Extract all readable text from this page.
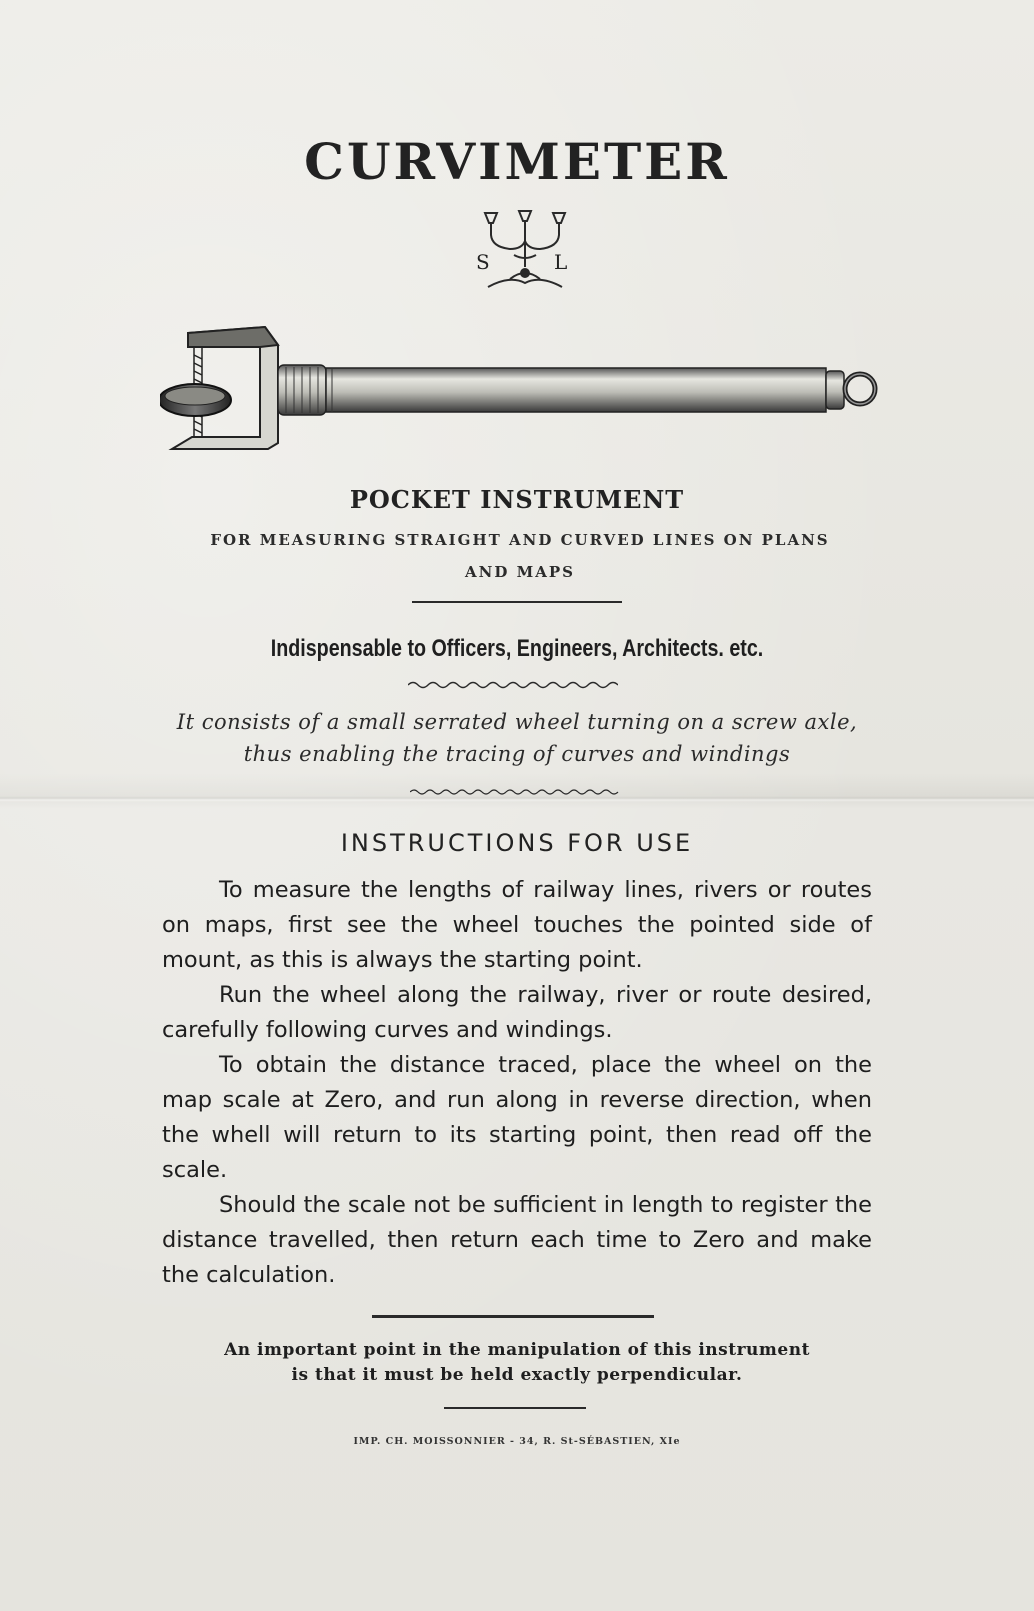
CURVIMETER
S	L
POCKET INSTRUMENT
FOR MEASURING STRAIGHT AND CURVED LINES ON PLANS
AND MAPS
Indispensable to Officers, Engineers, Architects. etc.
It consists of a small serrated wheel turning on a screw axle,
thus enabling the tracing of curves and windings
INSTRUCTIONS FOR USE

To measure the lengths of railway lines, rivers or routes on maps, first see the wheel touches the pointed side of mount, as this is always the starting point.

Run the wheel along the railway, river or route desired, carefully following curves and windings.

To obtain the distance traced, place the wheel on the map scale at Zero, and run along in reverse direction, when the whell will return to its starting point, then read off the scale.

Should the scale not be sufficient in length to register the distance travelled, then return each time to Zero and make the calculation.

An important point in the manipulation of this instrument
is that it must be held exactly perpendicular.
IMP. CH. MOISSONNIER - 34, R. St-SÉBASTIEN, XIe
